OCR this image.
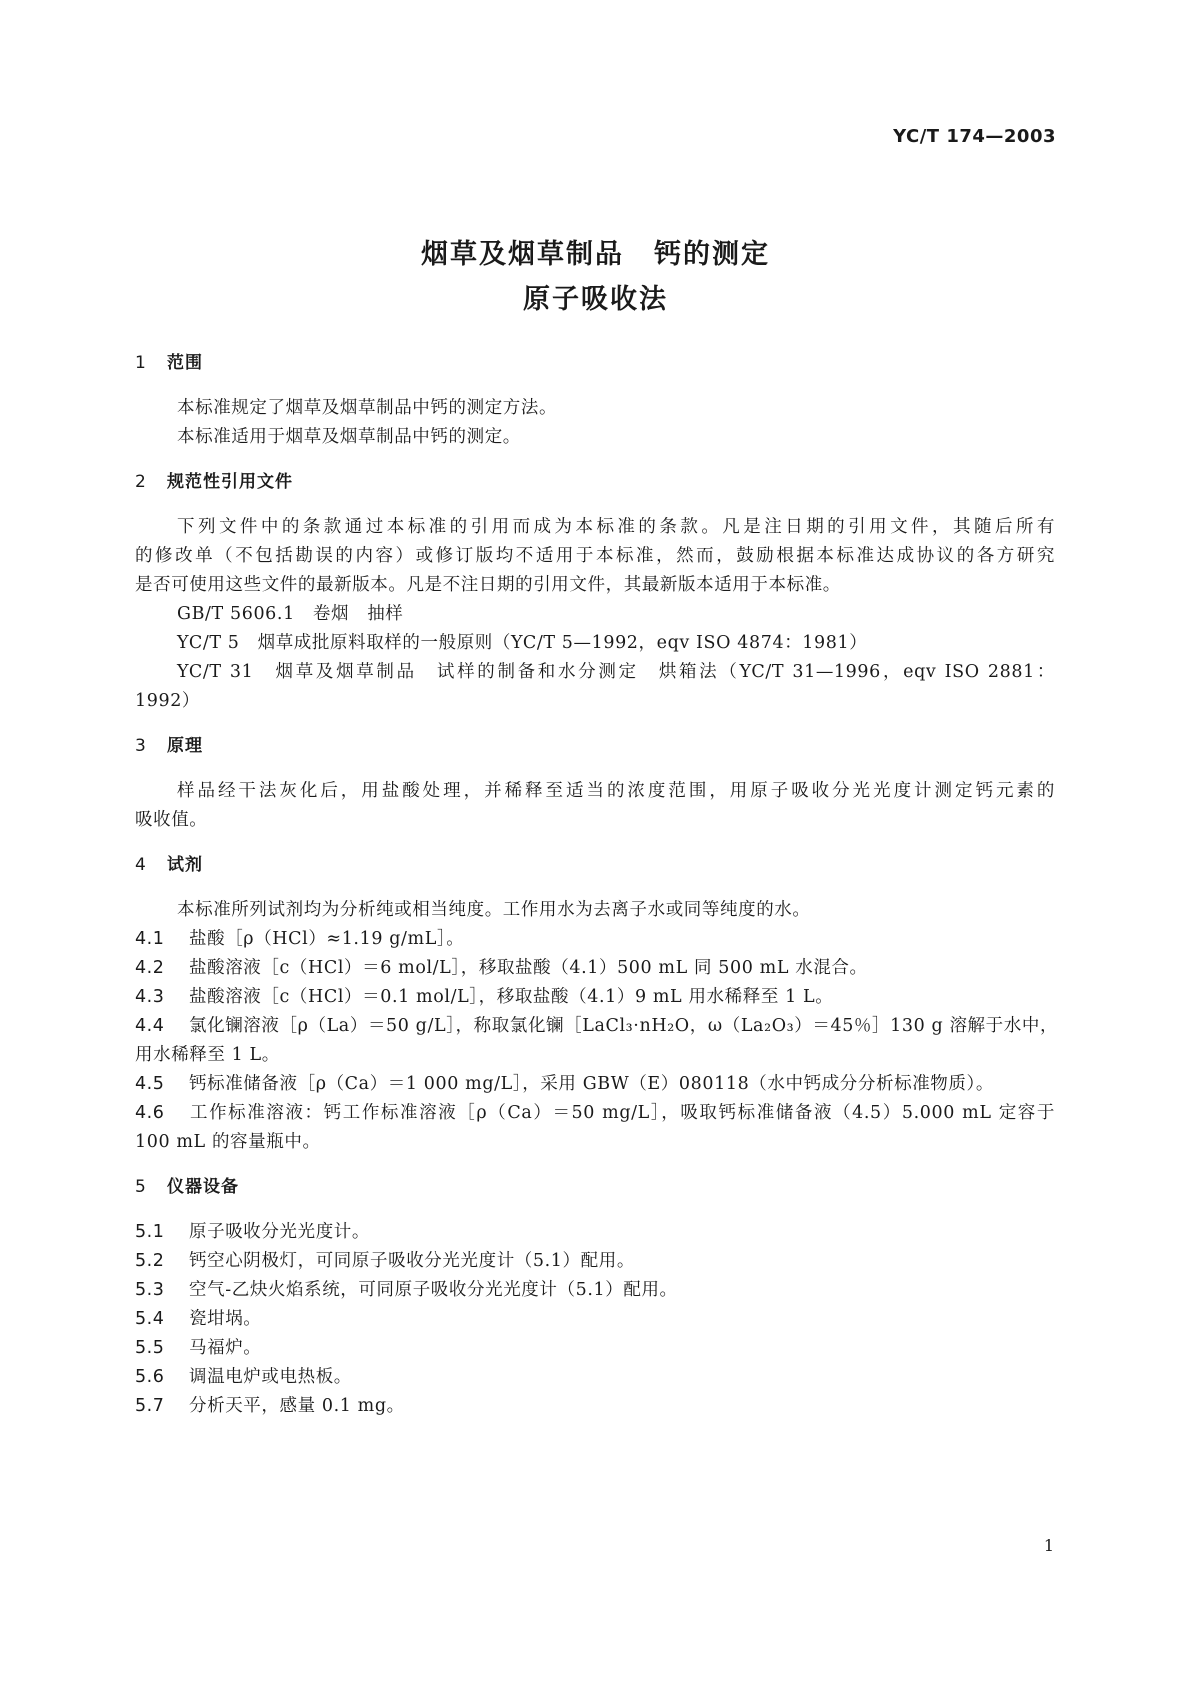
YC/T 174—2003
烟草及烟草制品 钙的测定
原子吸收法
1 范围
本标准规定了烟草及烟草制品中钙的测定方法。
本标准适用于烟草及烟草制品中钙的测定。
2 规范性引用文件
下列文件中的条款通过本标准的引用而成为本标准的条款。凡是注日期的引用文件，其随后所有
的修改单（不包括勘误的内容）或修订版均不适用于本标准，然而，鼓励根据本标准达成协议的各方研究
是否可使用这些文件的最新版本。凡是不注日期的引用文件，其最新版本适用于本标准。
GB/T 5606.1　卷烟　抽样
YC/T 5　烟草成批原料取样的一般原则（YC/T 5—1992，eqv ISO 4874：1981）
YC/T 31　烟草及烟草制品　试样的制备和水分测定　烘箱法（YC/T 31—1996，eqv ISO 2881：
1992）
3 原理
样品经干法灰化后，用盐酸处理，并稀释至适当的浓度范围，用原子吸收分光光度计测定钙元素的
吸收值。
4 试剂
本标准所列试剂均为分析纯或相当纯度。工作用水为去离子水或同等纯度的水。
4.1 盐酸［ρ（HCl）≈1.19 g/mL］。
4.2 盐酸溶液［c（HCl）＝6 mol/L］，移取盐酸（4.1）500 mL 同 500 mL 水混合。
4.3 盐酸溶液［c（HCl）＝0.1 mol/L］，移取盐酸（4.1）9 mL 用水稀释至 1 L。
4.4 氯化镧溶液［ρ（La）＝50 g/L］，称取氯化镧［LaCl₃·nH₂O，ω（La₂O₃）＝45％］130 g 溶解于水中，
用水稀释至 1 L。
4.5 钙标准储备液［ρ（Ca）＝1 000 mg/L］，采用 GBW（E）080118（水中钙成分分析标准物质）。
4.6 工作标准溶液：钙工作标准溶液［ρ（Ca）＝50 mg/L］，吸取钙标准储备液（4.5）5.000 mL 定容于
100 mL 的容量瓶中。
5 仪器设备
5.1 原子吸收分光光度计。
5.2 钙空心阴极灯，可同原子吸收分光光度计（5.1）配用。
5.3 空气-乙炔火焰系统，可同原子吸收分光光度计（5.1）配用。
5.4 瓷坩埚。
5.5 马福炉。
5.6 调温电炉或电热板。
5.7 分析天平，感量 0.1 mg。
1
